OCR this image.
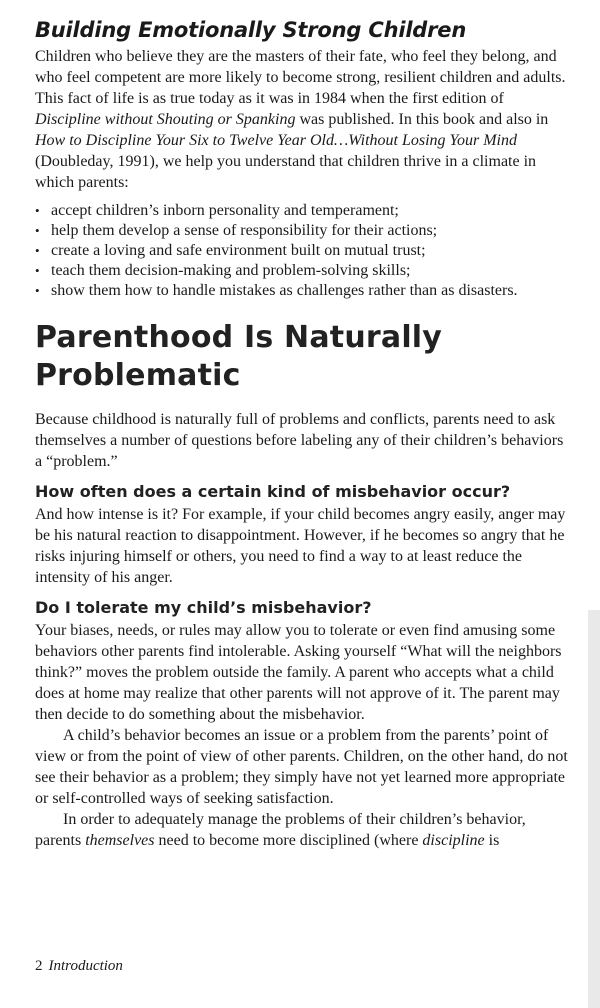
Building Emotionally Strong Children

Children who believe they are the masters of their fate, who feel they belong, and who feel competent are more likely to become strong, resilient children and adults. This fact of life is as true today as it was in 1984 when the first edition of Discipline without Shouting or Spanking was published. In this book and also in How to Discipline Your Six to Twelve Year Old…Without Losing Your Mind (Doubleday, 1991), we help you understand that children thrive in a climate in which parents:

• accept children’s inborn personality and temperament;
• help them develop a sense of responsibility for their actions;
• create a loving and safe environment built on mutual trust;
• teach them decision-making and problem-solving skills;
• show them how to handle mistakes as challenges rather than as disasters.
Parenthood Is Naturally
Problematic

Because childhood is naturally full of problems and conflicts, parents need to ask themselves a number of questions before labeling any of their children’s behaviors a “problem.”

How often does a certain kind of misbehavior occur?

And how intense is it? For example, if your child becomes angry easily, anger may be his natural reaction to disappointment. However, if he becomes so angry that he risks injuring himself or others, you need to find a way to at least reduce the intensity of his anger.

Do I tolerate my child’s misbehavior?

Your biases, needs, or rules may allow you to tolerate or even find amusing some behaviors other parents find intolerable. Asking yourself “What will the neighbors think?” moves the problem outside the family. A parent who accepts what a child does at home may realize that other parents will not approve of it. The parent may then decide to do something about the misbehavior.

A child’s behavior becomes an issue or a problem from the parents’ point of view or from the point of view of other parents. Children, on the other hand, do not see their behavior as a problem; they simply have not yet learned more appropriate or self-controlled ways of seeking satisfaction.

In order to adequately manage the problems of their children’s behavior, parents themselves need to become more disciplined (where discipline is

2 Introduction
